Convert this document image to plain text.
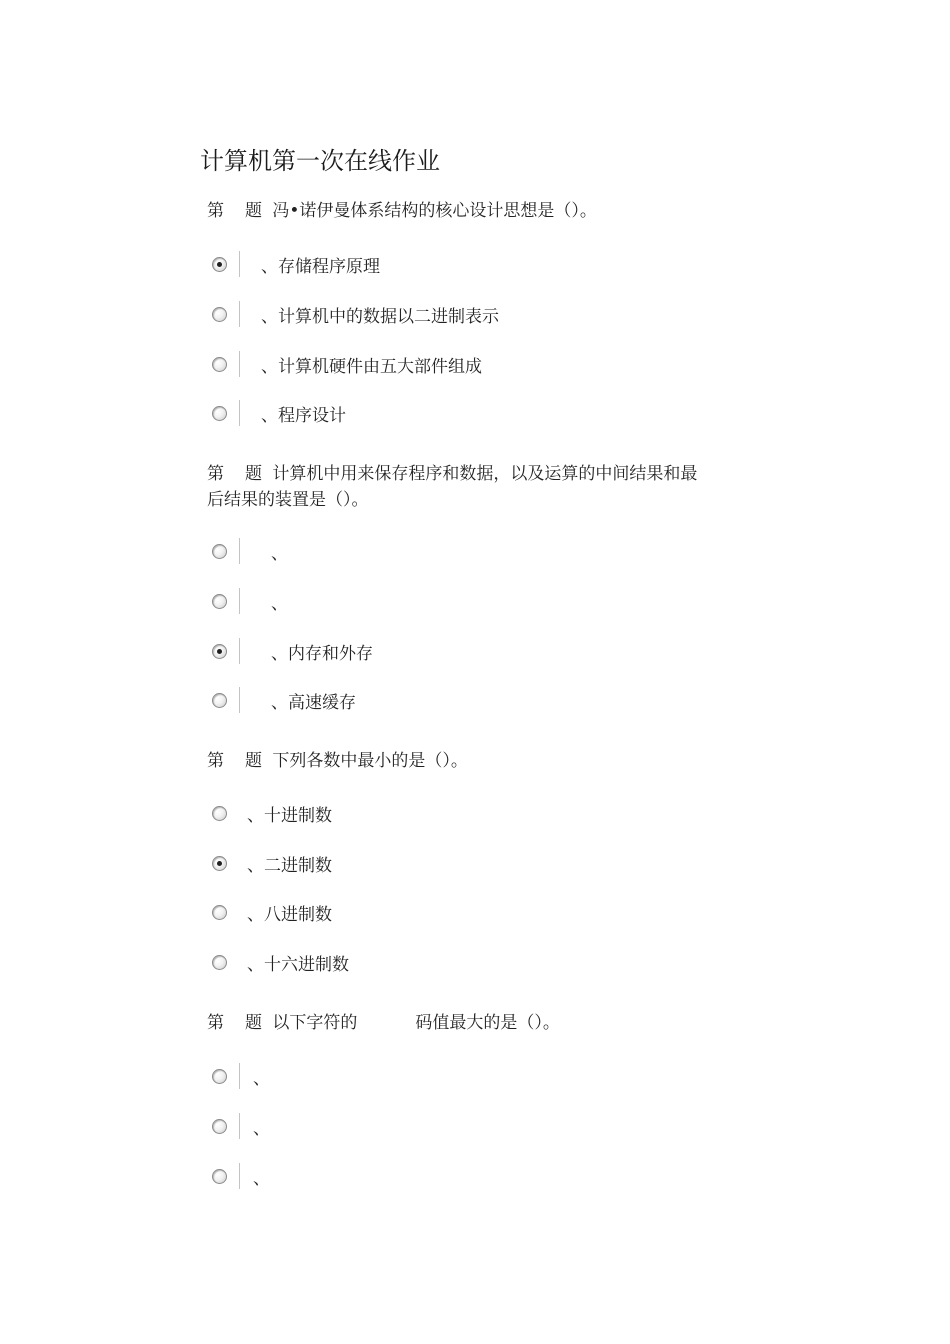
计算机第一次在线作业
第 题 冯•诺伊曼体系结构的核心设计思想是（）。
、存储程序原理
、计算机中的数据以二进制表示
、计算机硬件由五大部件组成
、程序设计
第 题 计算机中用来保存程序和数据，以及运算的中间结果和最
后结果的装置是（）。
、
、
、内存和外存
、高速缓存
第 题 下列各数中最小的是（）。
、十进制数
、二进制数
、八进制数
、十六进制数
第 题 以下字符的	码值最大的是（）。
、
、
、
